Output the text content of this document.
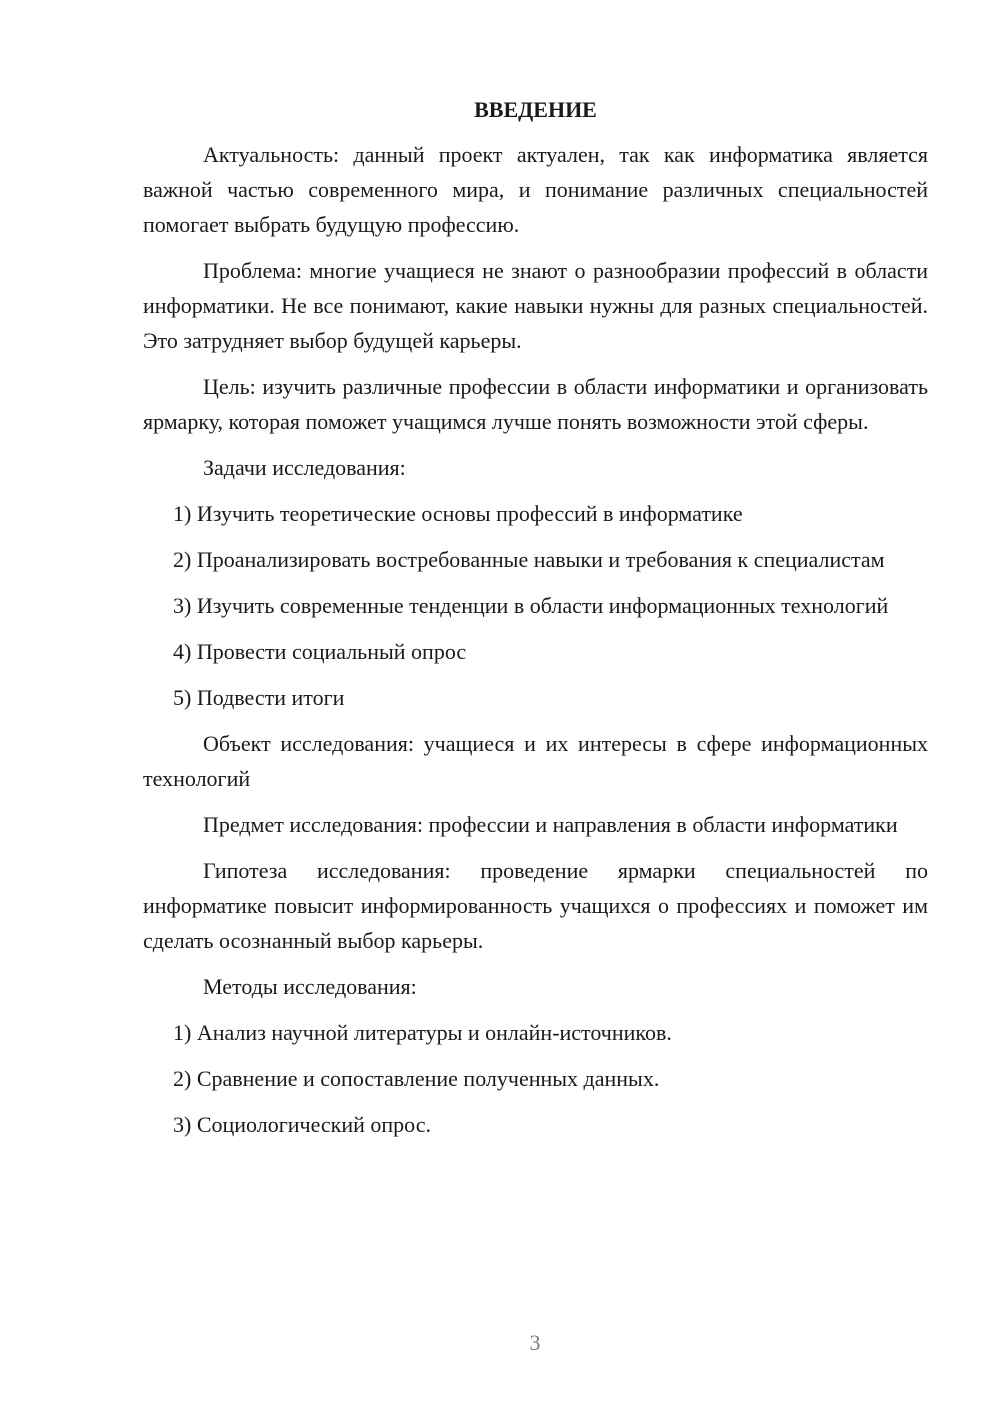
ВВЕДЕНИЕ

Актуальность: данный проект актуален, так как информатика является важной частью современного мира, и понимание различных специальностей помогает выбрать будущую профессию.

Проблема: многие учащиеся не знают о разнообразии профессий в области информатики. Не все понимают, какие навыки нужны для разных специальностей. Это затрудняет выбор будущей карьеры.

Цель: изучить различные профессии в области информатики и организовать ярмарку, которая поможет учащимся лучше понять возможности этой сферы.

Задачи исследования:

1) Изучить теоретические основы профессий в информатике

2) Проанализировать востребованные навыки и требования к специалистам

3) Изучить современные тенденции в области информационных технологий

4) Провести социальный опрос

5) Подвести итоги

Объект исследования: учащиеся и их интересы в сфере информационных технологий

Предмет исследования: профессии и направления в области информатики

Гипотеза исследования: проведение ярмарки специальностей по информатике повысит информированность учащихся о профессиях и поможет им сделать осознанный выбор карьеры.

Методы исследования:

1) Анализ научной литературы и онлайн-источников.

2) Сравнение и сопоставление полученных данных.

3) Социологический опрос.

3
